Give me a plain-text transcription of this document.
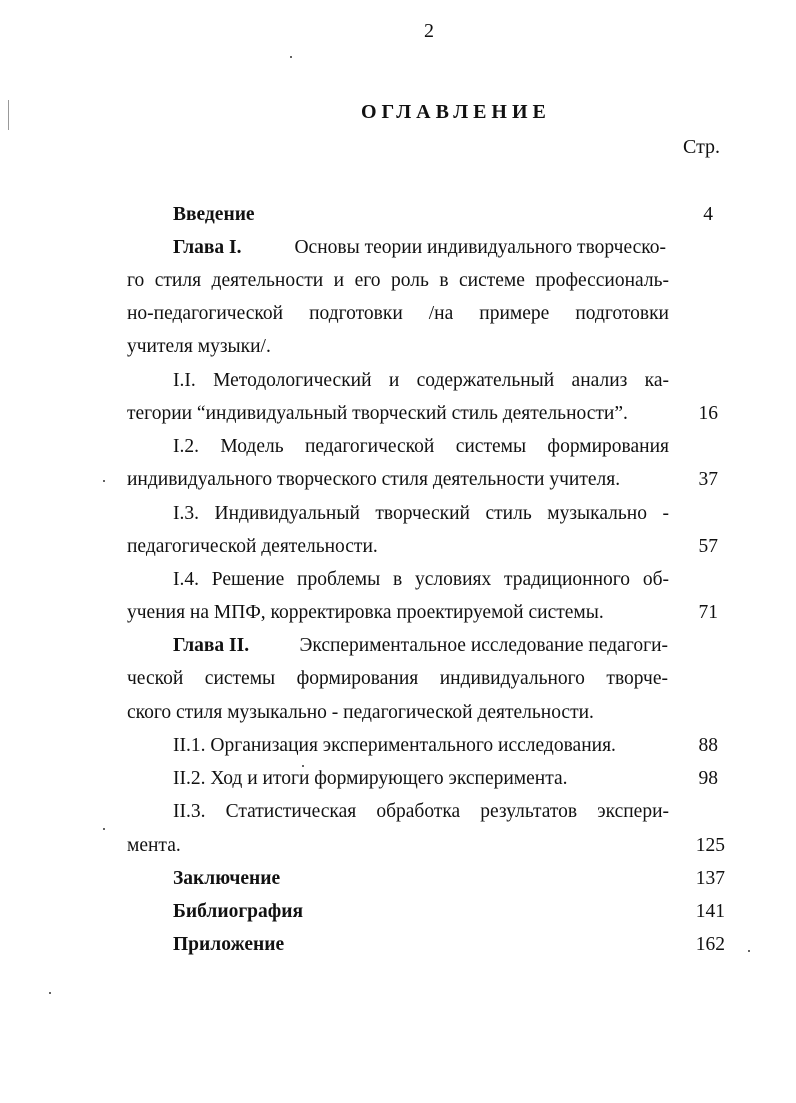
2
ОГЛАВЛЕНИЕ
Стр.
Введение	4
Глава I.	Основы теории индивидуального творческо-
го стиля деятельности и его роль в системе профессиональ-
но-педагогической подготовки /на примере подготовки
учителя музыки/.
I.I. Методологический и содержательный анализ ка-
тегории “индивидуальный творческий стиль деятельности”.	16
I.2. Модель педагогической системы формирования
индивидуального творческого стиля деятельности учителя.	37
I.3. Индивидуальный творческий стиль музыкально -
педагогической деятельности.	57
I.4. Решение проблемы в условиях традиционного об-
учения на МПФ, корректировка проектируемой системы.	71
Глава II.	Экспериментальное исследование педагоги-
ческой системы формирования индивидуального творче-
ского стиля музыкально - педагогической деятельности.
II.1. Организация экспериментального исследования.	88
II.2. Ход и итоги формирующего эксперимента.	98
II.3. Статистическая обработка результатов экспери-
мента.	125
Заключение	137
Библиография	141
Приложение	162
